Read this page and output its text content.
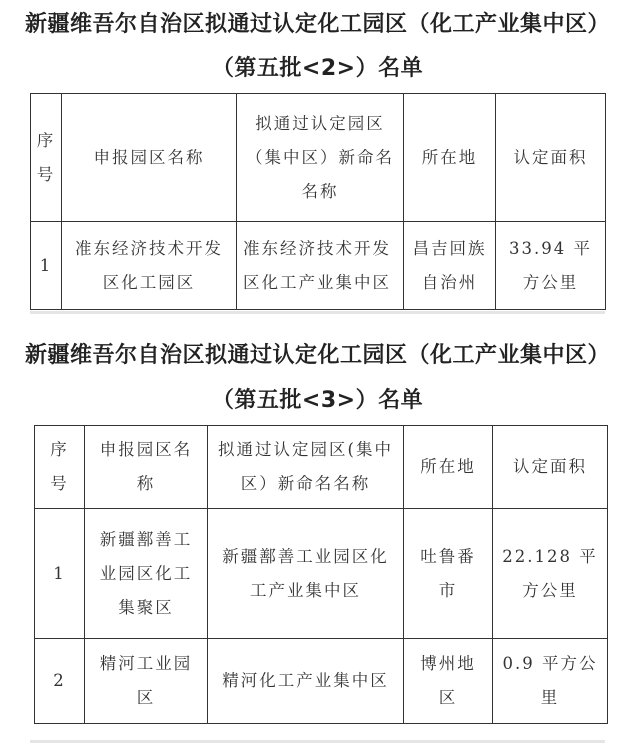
新疆维吾尔自治区拟通过认定化工园区（化工产业集中区）
（第五批<2>）名单
序号	申报园区名称	拟通过认定园区（集中区）新命名名称	所在地	认定面积
1	准东经济技术开发区化工园区	准东经济技术开发区化工产业集中区	昌吉回族自治州	33.94 平方公里
新疆维吾尔自治区拟通过认定化工园区（化工产业集中区）
（第五批<3>）名单
序号	申报园区名称	拟通过认定园区(集中区）新命名名称	所在地	认定面积
1	新疆鄯善工业园区化工集聚区	新疆鄯善工业园区化工产业集中区	吐鲁番市	22.128 平方公里
2	精河工业园区	精河化工产业集中区	博州地区	0.9 平方公里
